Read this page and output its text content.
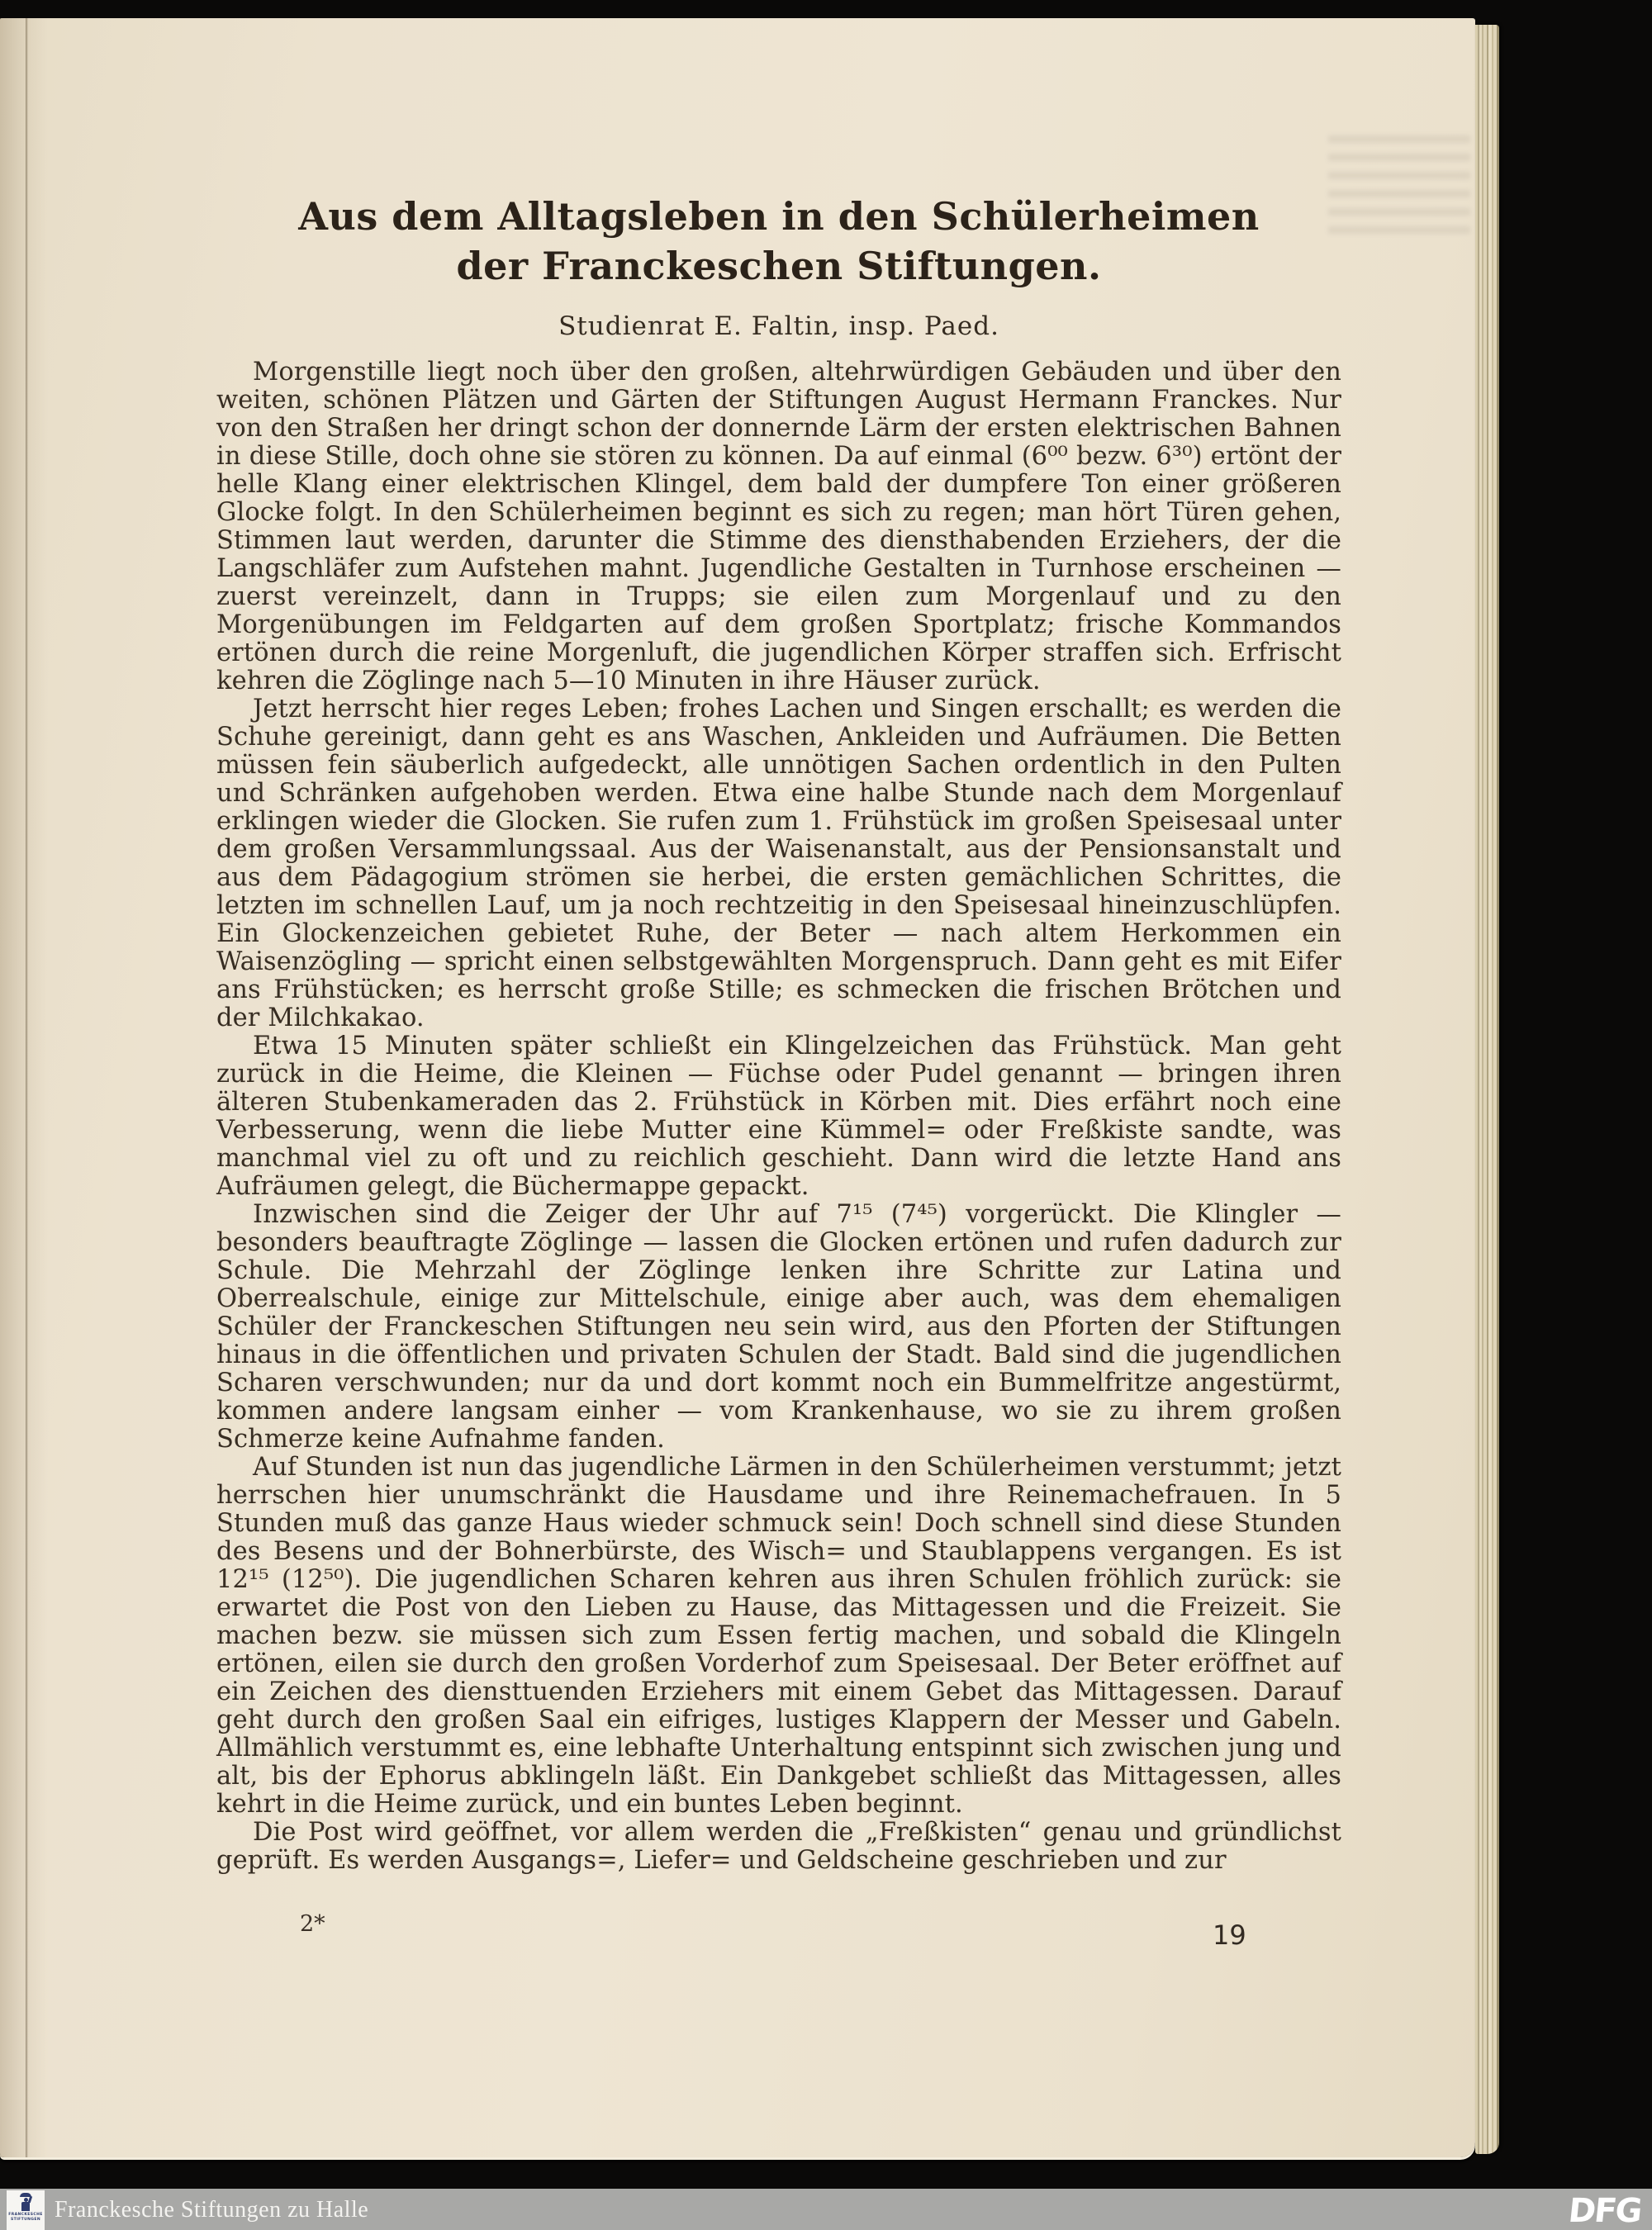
Aus dem Alltagsleben in den Schülerheimen
der Franckeschen Stiftungen.
Studienrat E. Faltin, insp. Paed.

Morgenstille liegt noch über den großen, altehrwürdigen Gebäuden und über den weiten, schönen Plätzen und Gärten der Stiftungen August Hermann Franckes. Nur von den Straßen her dringt schon der donnernde Lärm der ersten elektrischen Bahnen in diese Stille, doch ohne sie stören zu können. Da auf einmal (6⁰⁰ bezw. 6³⁰) ertönt der helle Klang einer elektrischen Klingel, dem bald der dumpfere Ton einer größeren Glocke folgt. In den Schülerheimen beginnt es sich zu regen; man hört Türen gehen, Stimmen laut werden, darunter die Stimme des diensthabenden Erziehers, der die Langschläfer zum Aufstehen mahnt. Jugendliche Gestalten in Turnhose erscheinen — zuerst vereinzelt, dann in Trupps; sie eilen zum Morgenlauf und zu den Morgenübungen im Feldgarten auf dem großen Sportplatz; frische Kommandos ertönen durch die reine Morgenluft, die jugendlichen Körper straffen sich. Erfrischt kehren die Zöglinge nach 5—10 Minuten in ihre Häuser zurück.

Jetzt herrscht hier reges Leben; frohes Lachen und Singen erschallt; es werden die Schuhe gereinigt, dann geht es ans Waschen, Ankleiden und Aufräumen. Die Betten müssen fein säuberlich aufgedeckt, alle unnötigen Sachen ordentlich in den Pulten und Schränken aufgehoben werden. Etwa eine halbe Stunde nach dem Morgenlauf erklingen wieder die Glocken. Sie rufen zum 1. Frühstück im großen Speisesaal unter dem großen Versammlungssaal. Aus der Waisenanstalt, aus der Pensionsanstalt und aus dem Pädagogium strömen sie herbei, die ersten gemächlichen Schrittes, die letzten im schnellen Lauf, um ja noch rechtzeitig in den Speisesaal hineinzuschlüpfen. Ein Glockenzeichen gebietet Ruhe, der Beter — nach altem Herkommen ein Waisenzögling — spricht einen selbstgewählten Morgenspruch. Dann geht es mit Eifer ans Frühstücken; es herrscht große Stille; es schmecken die frischen Brötchen und der Milchkakao.

Etwa 15 Minuten später schließt ein Klingelzeichen das Frühstück. Man geht zurück in die Heime, die Kleinen — Füchse oder Pudel genannt — bringen ihren älteren Stubenkameraden das 2. Frühstück in Körben mit. Dies erfährt noch eine Verbesserung, wenn die liebe Mutter eine Kümmel= oder Freßkiste sandte, was manchmal viel zu oft und zu reichlich geschieht. Dann wird die letzte Hand ans Aufräumen gelegt, die Büchermappe gepackt.

Inzwischen sind die Zeiger der Uhr auf 7¹⁵ (7⁴⁵) vorgerückt. Die Klingler — besonders beauftragte Zöglinge — lassen die Glocken ertönen und rufen dadurch zur Schule. Die Mehrzahl der Zöglinge lenken ihre Schritte zur Latina und Oberrealschule, einige zur Mittelschule, einige aber auch, was dem ehemaligen Schüler der Franckeschen Stiftungen neu sein wird, aus den Pforten der Stiftungen hinaus in die öffentlichen und privaten Schulen der Stadt. Bald sind die jugendlichen Scharen verschwunden; nur da und dort kommt noch ein Bummelfritze angestürmt, kommen andere langsam einher — vom Krankenhause, wo sie zu ihrem großen Schmerze keine Aufnahme fanden.

Auf Stunden ist nun das jugendliche Lärmen in den Schülerheimen verstummt; jetzt herrschen hier unumschränkt die Hausdame und ihre Reinemachefrauen. In 5 Stunden muß das ganze Haus wieder schmuck sein! Doch schnell sind diese Stunden des Besens und der Bohnerbürste, des Wisch= und Staublappens vergangen. Es ist 12¹⁵ (12⁵⁰). Die jugendlichen Scharen kehren aus ihren Schulen fröhlich zurück: sie erwartet die Post von den Lieben zu Hause, das Mittagessen und die Freizeit. Sie machen bezw. sie müssen sich zum Essen fertig machen, und sobald die Klingeln ertönen, eilen sie durch den großen Vorderhof zum Speisesaal. Der Beter eröffnet auf ein Zeichen des diensttuenden Erziehers mit einem Gebet das Mittagessen. Darauf geht durch den großen Saal ein eifriges, lustiges Klappern der Messer und Gabeln. Allmählich verstummt es, eine lebhafte Unterhaltung entspinnt sich zwischen jung und alt, bis der Ephorus abklingeln läßt. Ein Dankgebet schließt das Mittagessen, alles kehrt in die Heime zurück, und ein buntes Leben beginnt.

Die Post wird geöffnet, vor allem werden die „Freßkisten“ genau und gründlichst geprüft. Es werden Ausgangs=, Liefer= und Geldscheine geschrieben und zur

2*	19
FRANCKESCHE
STIFTUNGEN Franckesche Stiftungen zu Halle	DFG
